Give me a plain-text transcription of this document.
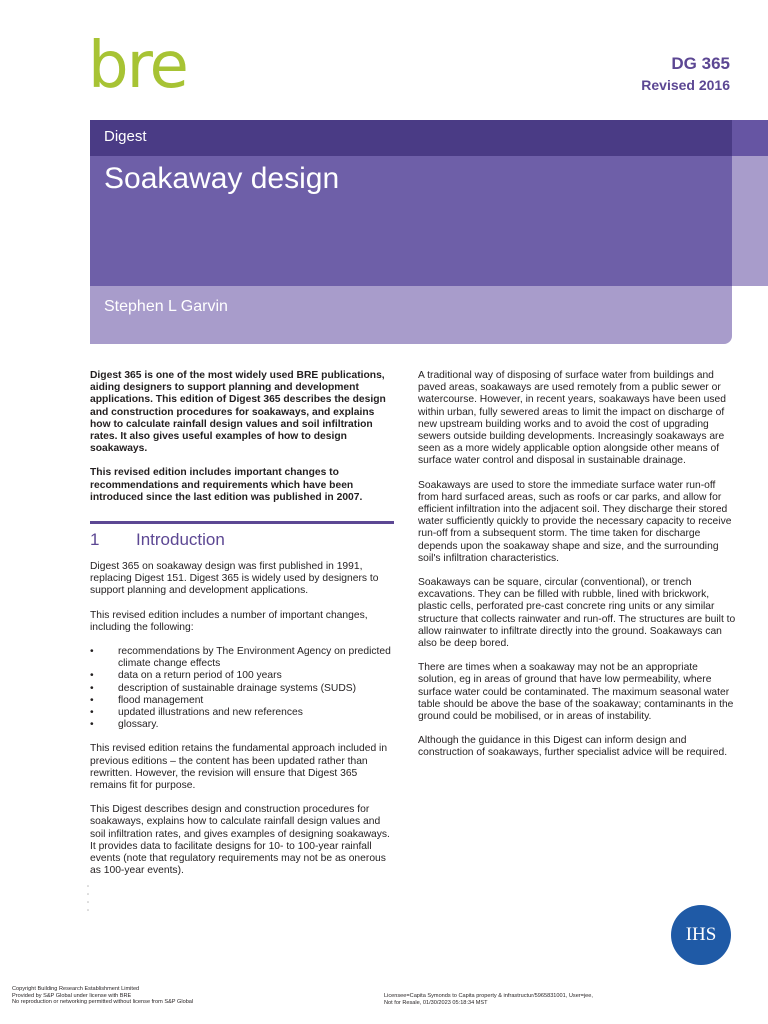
bre	DG 365
Revised 2016
Digest
Soakaway design
Stephen L Garvin

Digest 365 is one of the most widely used BRE publications, aiding designers to support planning and development applications. This edition of Digest 365 describes the design and construction procedures for soakaways, and explains how to calculate rainfall design values and soil infiltration rates. It also gives useful examples of how to design soakaways.

This revised edition includes important changes to recommendations and requirements which have been introduced since the last edition was published in 2007.

1 Introduction

Digest 365 on soakaway design was first published in 1991, replacing Digest 151. Digest 365 is widely used by designers to support planning and development applications.

This revised edition includes a number of important changes, including the following:

• recommendations by The Environment Agency on predicted climate change effects
• data on a return period of 100 years
• description of sustainable drainage systems (SUDS)
• flood management
• updated illustrations and new references
• glossary.

This revised edition retains the fundamental approach included in previous editions – the content has been updated rather than rewritten. However, the revision will ensure that Digest 365 remains fit for purpose.

This Digest describes design and construction procedures for soakaways, explains how to calculate rainfall design values and soil infiltration rates, and gives examples of designing soakaways. It provides data to facilitate designs for 10- to 100-year rainfall events (note that regulatory requirements may not be as onerous as 100-year events).

A traditional way of disposing of surface water from buildings and paved areas, soakaways are used remotely from a public sewer or watercourse. However, in recent years, soakaways have been used within urban, fully sewered areas to limit the impact on discharge of new upstream building works and to avoid the cost of upgrading sewers outside building developments. Increasingly soakaways are seen as a more widely applicable option alongside other means of surface water control and disposal in sustainable drainage.

Soakaways are used to store the immediate surface water run-off from hard surfaced areas, such as roofs or car parks, and allow for efficient infiltration into the adjacent soil. They discharge their stored water sufficiently quickly to provide the necessary capacity to receive run-off from a subsequent storm. The time taken for discharge depends upon the soakaway shape and size, and the surrounding soil's infiltration characteristics.

Soakaways can be square, circular (conventional), or trench excavations. They can be filled with rubble, lined with brickwork, plastic cells, perforated pre-cast concrete ring units or any similar structure that collects rainwater and run-off. The structures are built to allow rainwater to infiltrate directly into the ground. Soakaways can also be deep bored.

There are times when a soakaway may not be an appropriate solution, eg in areas of ground that have low permeability, where surface water could be contaminated. The maximum seasonal water table should be above the base of the soakaway; contaminants in the ground could be mobilised, or in areas of instability.

Although the guidance in this Digest can inform design and construction of soakaways, further specialist advice will be required.

IHS
Copyright Building Research Establishment Limited
Provided by S&P Global under license with BRE
No reproduction or networking permitted without license from S&P Global
Licensee=Capita Symonds to Capita property & infrastructur/5965831001, User=jee,
Not for Resale, 01/30/2023 05:18:34 MST
